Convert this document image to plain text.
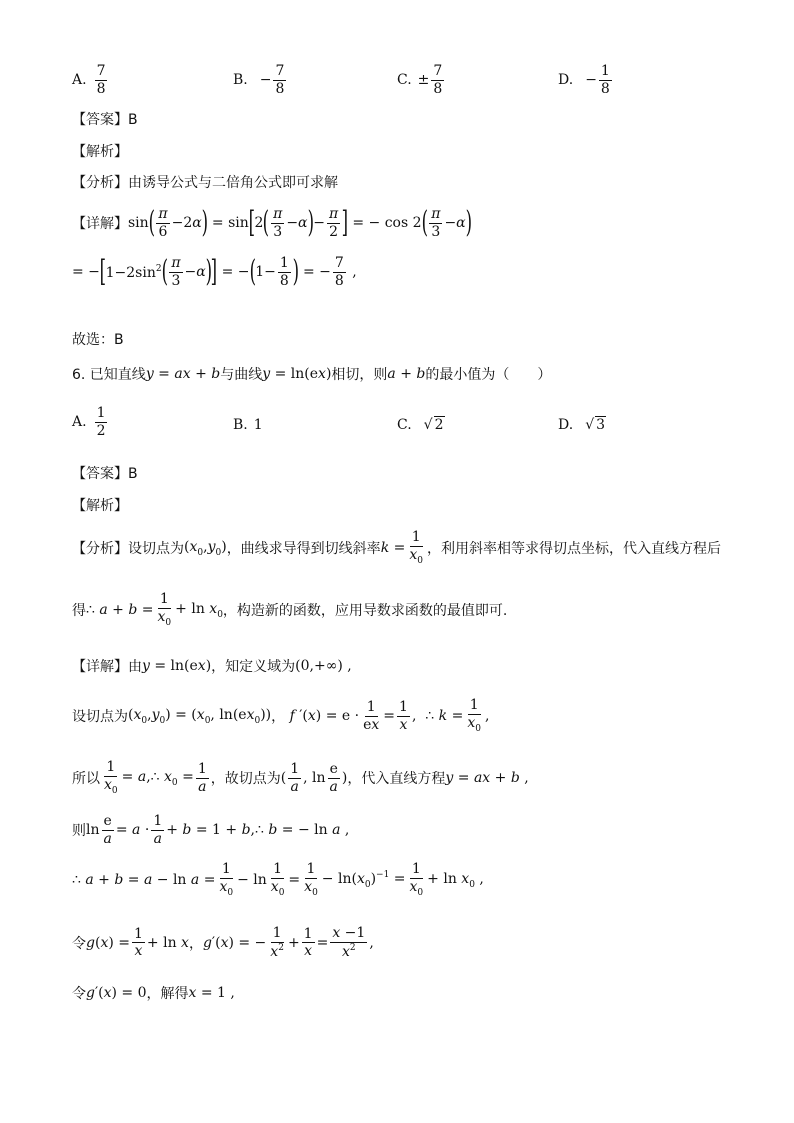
A.
7
8
B. − $\frac{7}{8}$	C. ± $\frac{7}{8}$	D. − $\frac{1}{8}$
【答案】B
【解析】
【分析】由诱导公式与二倍角公式即可求解
【详解】 sin ( π
6
−2α ) = sin [ 2 ( π
3
−α ) − $\frac{\pi}{2}$ ] = − cos 2 ( π
3
−α )
= − [ $1-2\sin^2$ ( π
3
−α ) ] = − ( $1- \frac{1}{8}$ ) = − $\frac{7}{8}$ ,
故选：B
6. 已知直线 y = ax + b 与曲线 y = ln(ex) 相切，则 a + b 的最小值为（　　）
A.
1
2	B. 1	C. √ 2	D. √ 3
【答案】B
【解析】
【分析】设切点为 $(x_0,y_0)$ ，曲线求导得到切线斜率 $k = \frac{1}{x_0}$ ，利用斜率相等求得切点坐标，代入直线方程后
得 ∴ $a + b = \frac{1}{x_0} + \ln x_0$ ，构造新的函数，应用导数求函数的最值即可.
【详解】由 y = ln(ex) ，知定义域为 (0,+∞) ,
设切点为 $(x_0,y_0) = (x_0$, $\ln(ex_0)$) ， f $'(x) = e \cdot \frac{1}{ex} = \frac{1}{x}$ ,  ∴ $k = \frac{1}{x_0}$ ,
所以 $\frac{1}{x_0}$ = a,∴ $x_0 = \frac{1}{a}$ ，故切点为 (
1
a
, ln
e
a
) ，代入直线方程 y = ax + b ,
则 $\ln \frac{e}{a} = a$ ·
1
a
+ b = 1 + b,∴ b = − ln a ,
∴ $a + b = a - \ln a = \frac{1}{x_0} - \ln \frac{1}{x_0} = \frac{1}{x_0} - \ln(x_0)^{-1} = \frac{1}{x_0} + \ln x_0$ ,
令 $g(x) = \frac{1}{x} + \ln x$ ， g′(x) = − $\frac{1}{x^2} + \frac{1}{x} = \frac{x -1}{x^2}$ ,
令 g′(x) = 0 ，解得 x = 1 ,
